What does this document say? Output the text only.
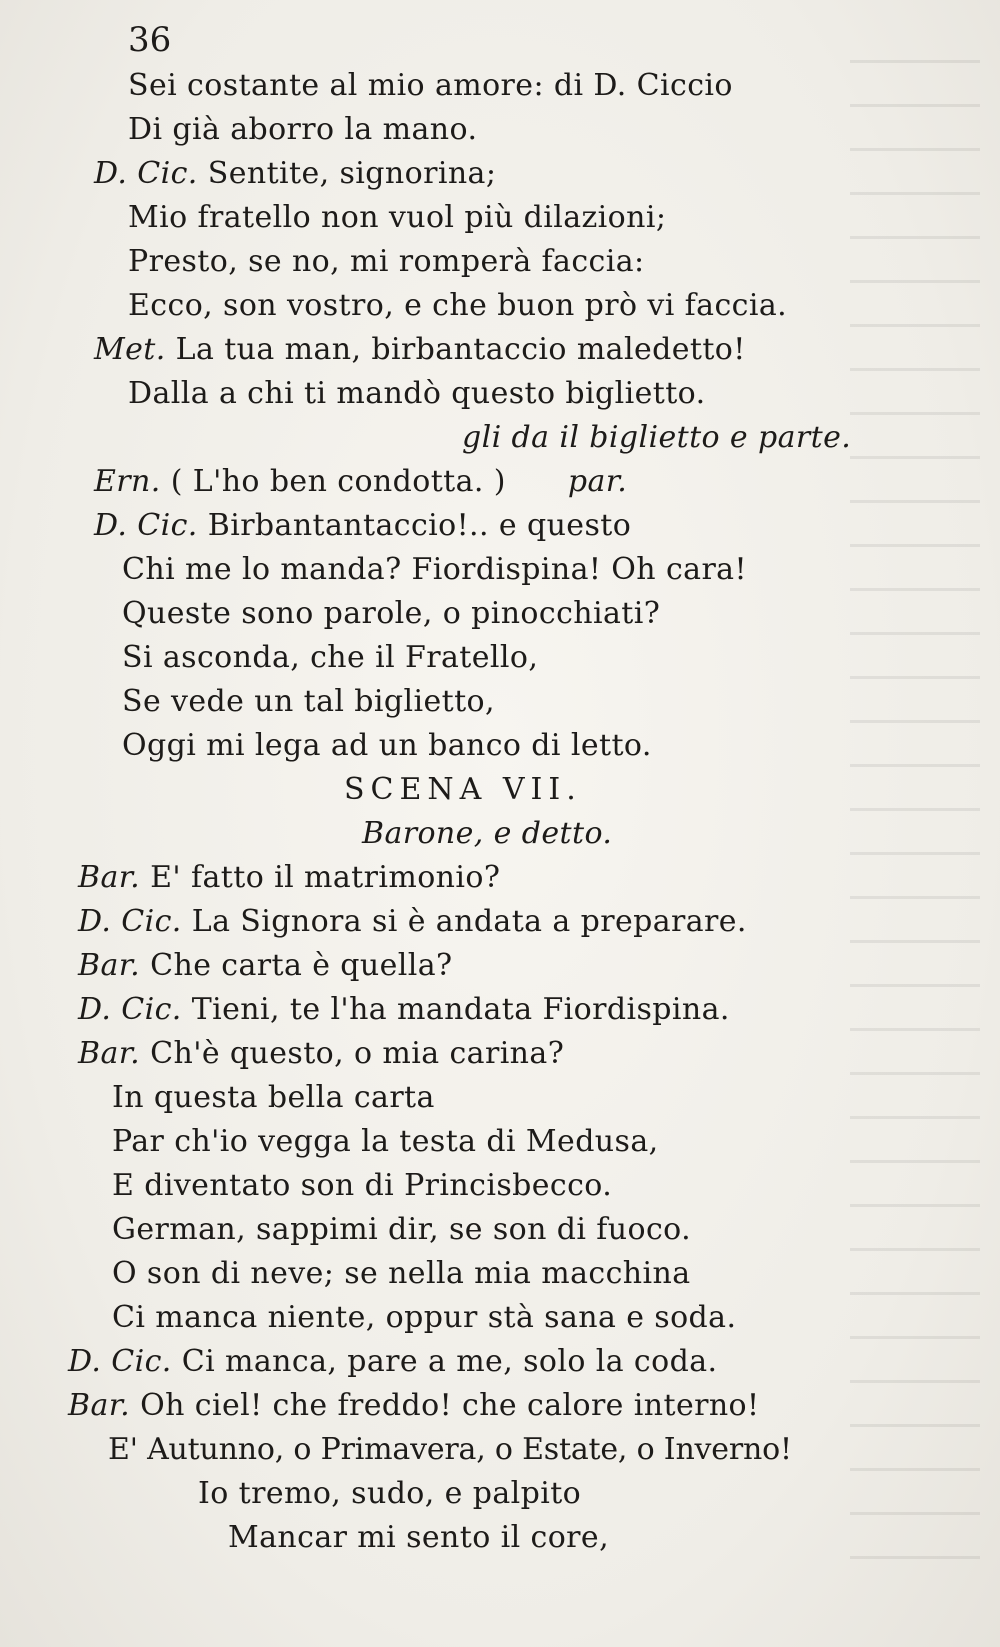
36
Sei costante al mio amore: di D. Ciccio
Di già aborro la mano.
D. Cic. Sentite, signorina;
Mio fratello non vuol più dilazioni;
Presto, se no, mi romperà faccia:
Ecco, son vostro, e che buon prò vi faccia.
Met. La tua man, birbantaccio maledetto!
Dalla a chi ti mandò questo biglietto.
gli da il biglietto e parte.
Ern. ( L'ho ben condotta. ) par.
D. Cic. Birbantantaccio!.. e questo
Chi me lo manda? Fiordispina! Oh cara!
Queste sono parole, o pinocchiati?
Si asconda, che il Fratello,
Se vede un tal biglietto,
Oggi mi lega ad un banco di letto.
SCENA VII.
Barone, e detto.
Bar. E' fatto il matrimonio?
D. Cic. La Signora si è andata a preparare.
Bar. Che carta è quella?
D. Cic. Tieni, te l'ha mandata Fiordispina.
Bar. Ch'è questo, o mia carina?
In questa bella carta
Par ch'io vegga la testa di Medusa,
E diventato son di Princisbecco.
German, sappimi dir, se son di fuoco.
O son di neve; se nella mia macchina
Ci manca niente, oppur stà sana e soda.
D. Cic. Ci manca, pare a me, solo la coda.
Bar. Oh ciel! che freddo! che calore interno!
E' Autunno, o Primavera, o Estate, o Inverno!
Io tremo, sudo, e palpito
Mancar mi sento il core,
